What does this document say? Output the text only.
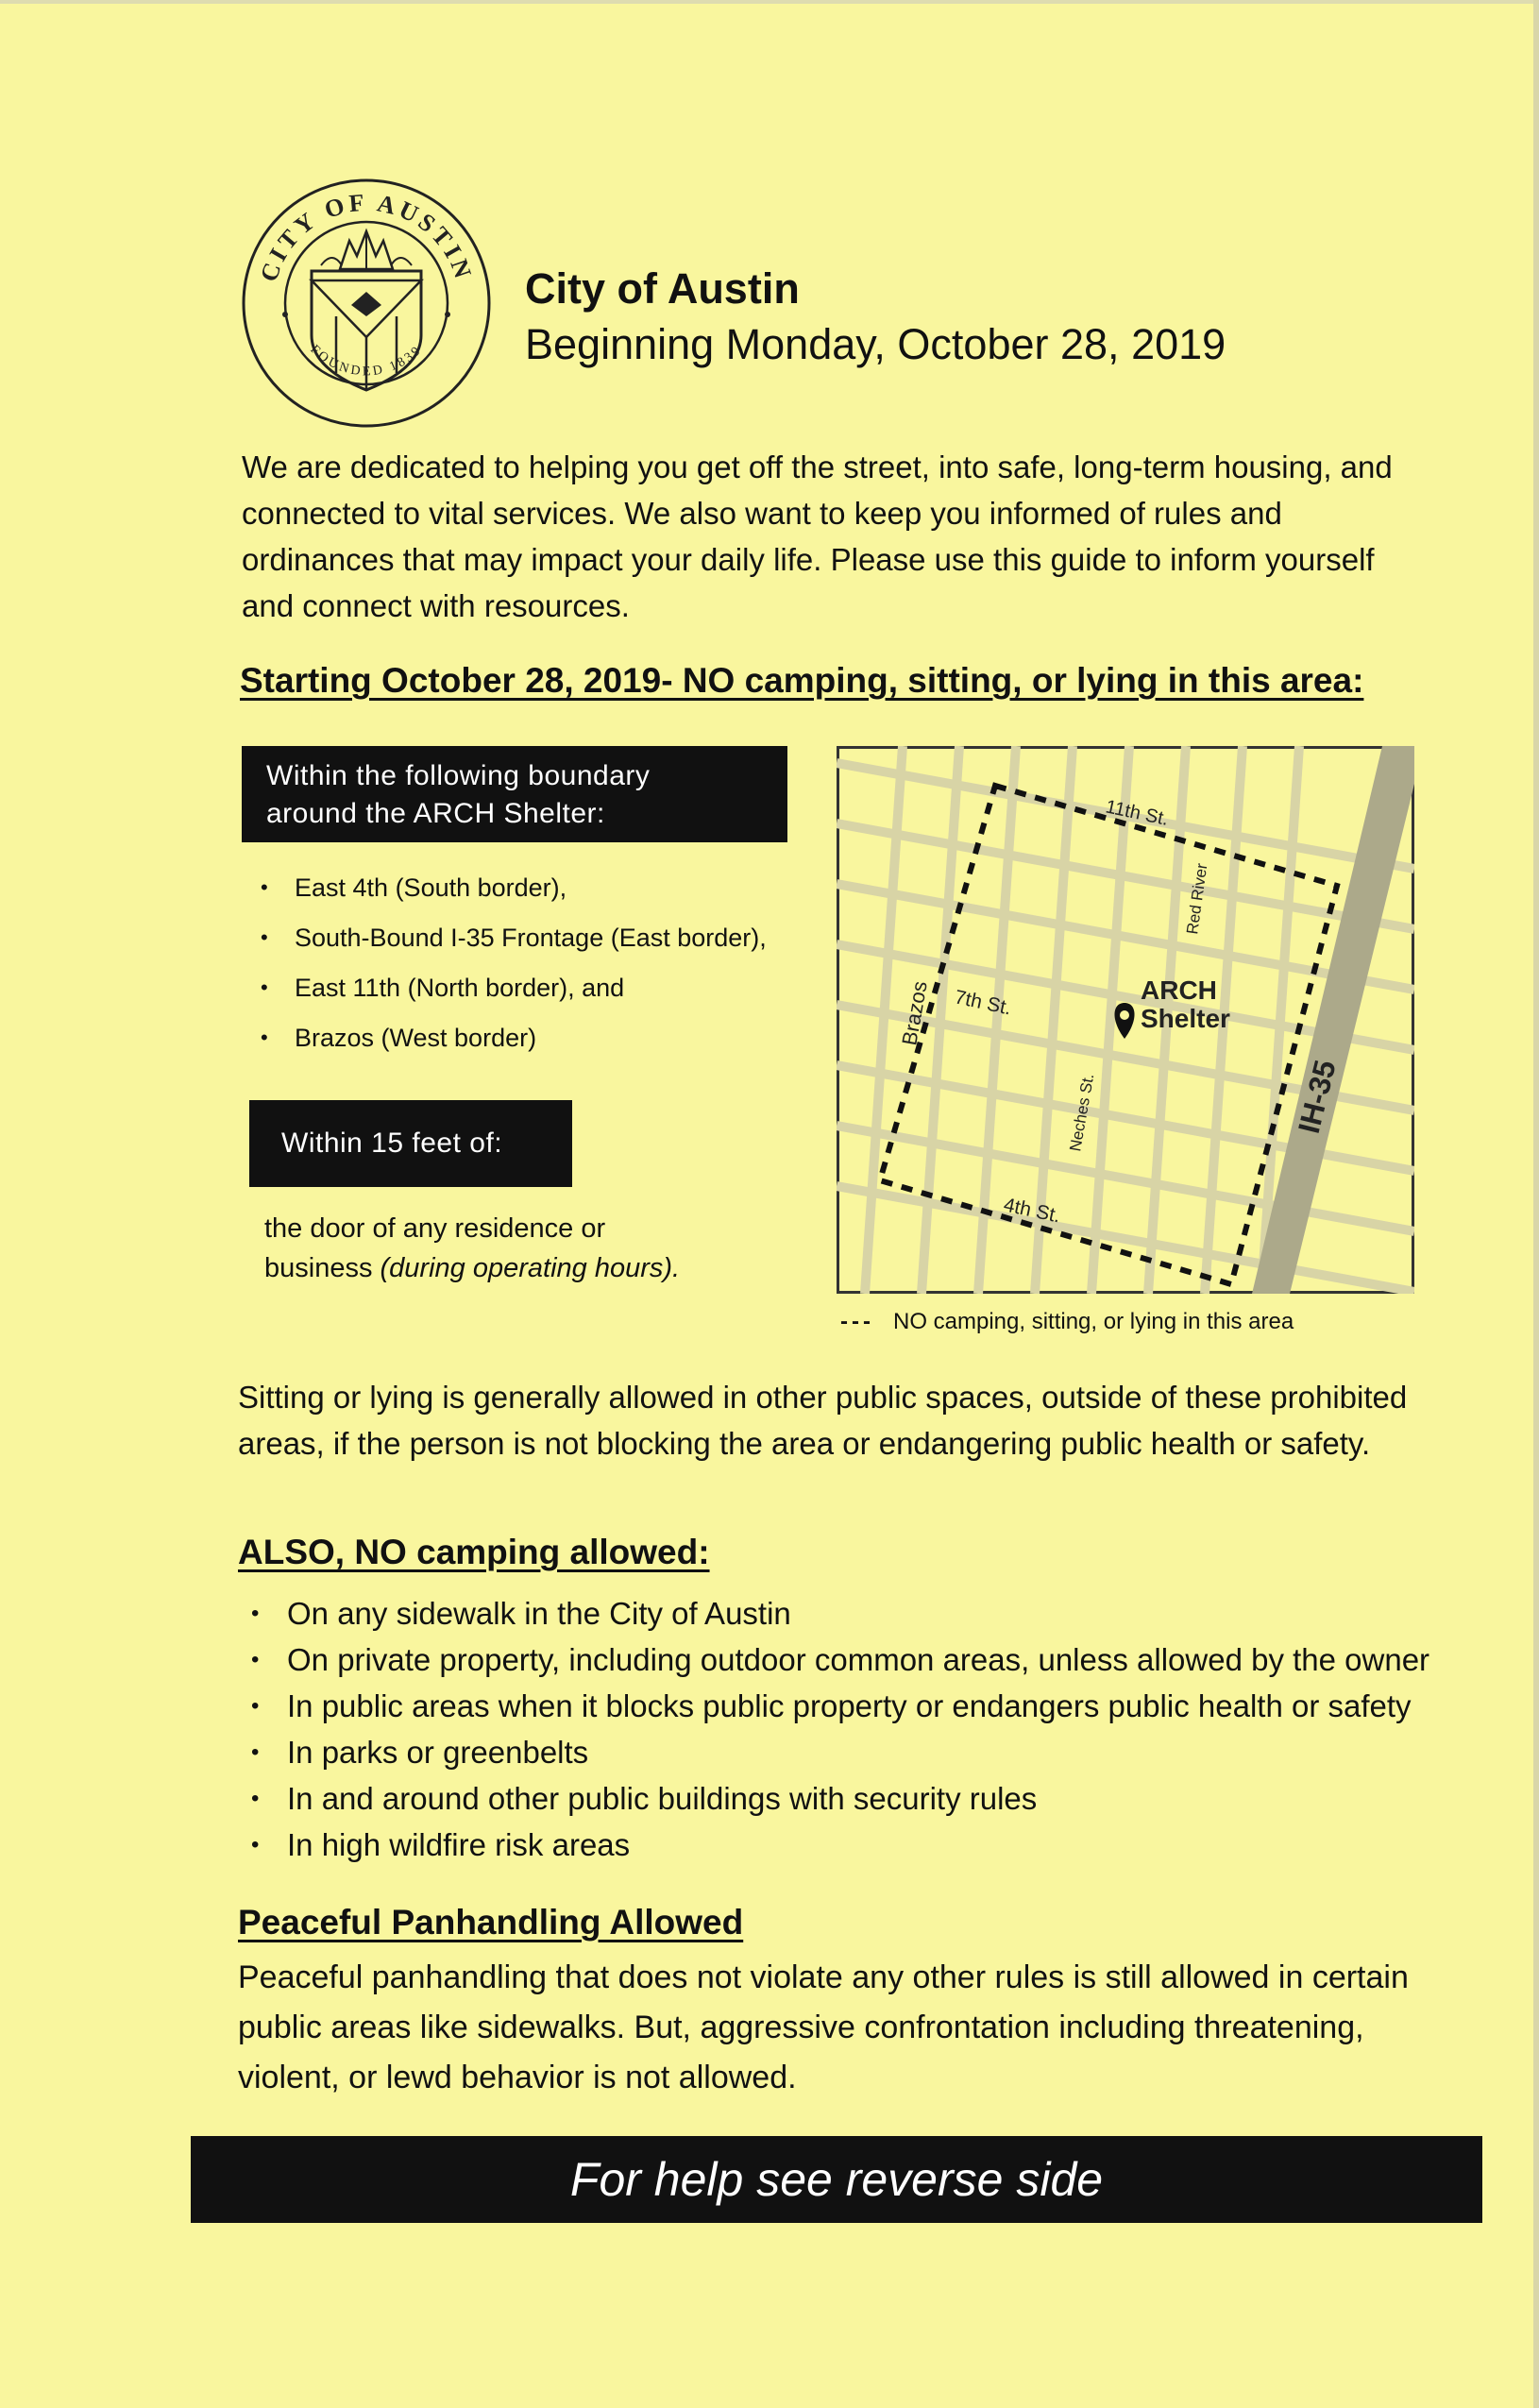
CITY OF AUSTIN
FOUNDED 1839
City of Austin
Beginning Monday, October 28, 2019
We are dedicated to helping you get off the street, into safe, long-term housing, and connected to vital services. We also want to keep you informed of rules and ordinances that may impact your daily life. Please use this guide to inform yourself and connect with resources.
Starting October 28, 2019- NO camping, sitting, or lying in this area:
Within the following boundary
around the ARCH Shelter:
• East 4th (South border),
• South-Bound I-35 Frontage (East border),
• East 11th (North border), and
• Brazos (West border)
Within 15 feet of:
the door of any residence or
business (during operating hours).
11th St.
Red River
Brazos 7th St.	ARCH
Shelter
Neches St.
4th St.
IH-35
--- NO camping, sitting, or lying in this area
Sitting or lying is generally allowed in other public spaces, outside of these prohibited areas, if the person is not blocking the area or endangering public health or safety.
ALSO, NO camping allowed:
• On any sidewalk in the City of Austin
• On private property, including outdoor common areas, unless allowed by the owner
• In public areas when it blocks public property or endangers public health or safety
• In parks or greenbelts
• In and around other public buildings with security rules
• In high wildfire risk areas
Peaceful Panhandling Allowed
Peaceful panhandling that does not violate any other rules is still allowed in certain public areas like sidewalks. But, aggressive confrontation including threatening, violent, or lewd behavior is not allowed.
For help see reverse side
